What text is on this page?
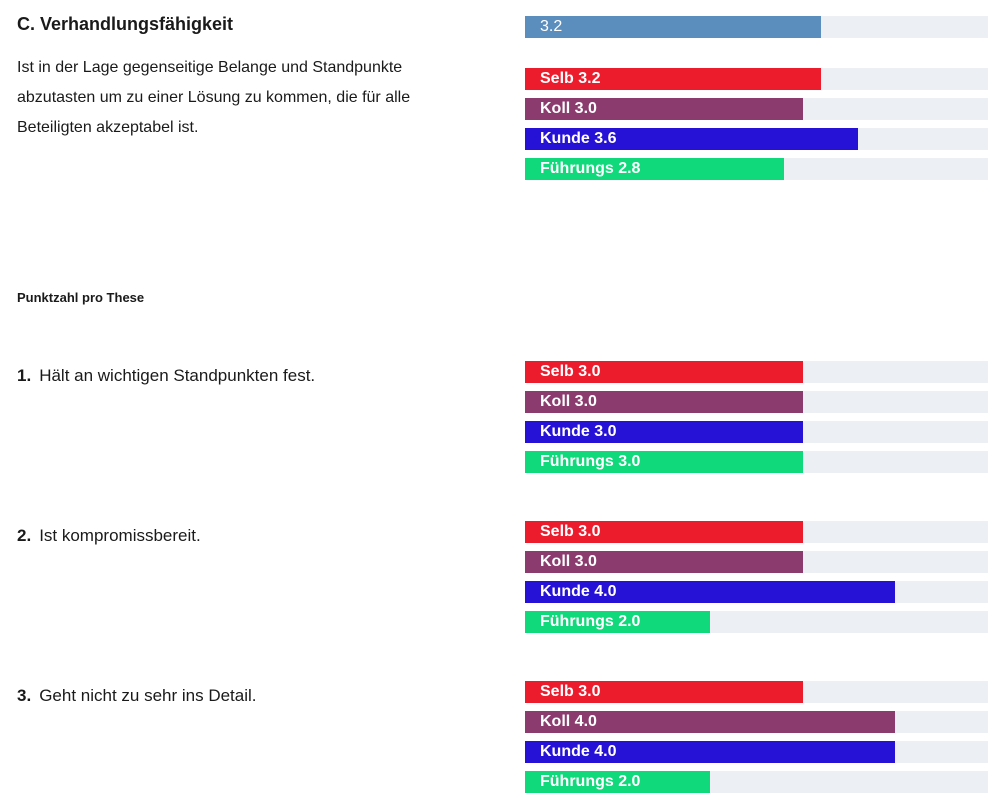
C. Verhandlungsfähigkeit

Ist in der Lage gegenseitige Belange und Standpunkte abzutasten um zu einer Lösung zu kommen, die für alle Beteiligten akzeptabel ist.

Punktzahl pro These

1. Hält an wichtigen Standpunkten fest.

2. Ist kompromissbereit.

3. Geht nicht zu sehr ins Detail.

3.2
Selb 3.2
Koll 3.0
Kunde 3.6
Führungs 2.8
Selb 3.0
Koll 3.0
Kunde 3.0
Führungs 3.0
Selb 3.0
Koll 3.0
Kunde 4.0
Führungs 2.0
Selb 3.0
Koll 4.0
Kunde 4.0
Führungs 2.0
